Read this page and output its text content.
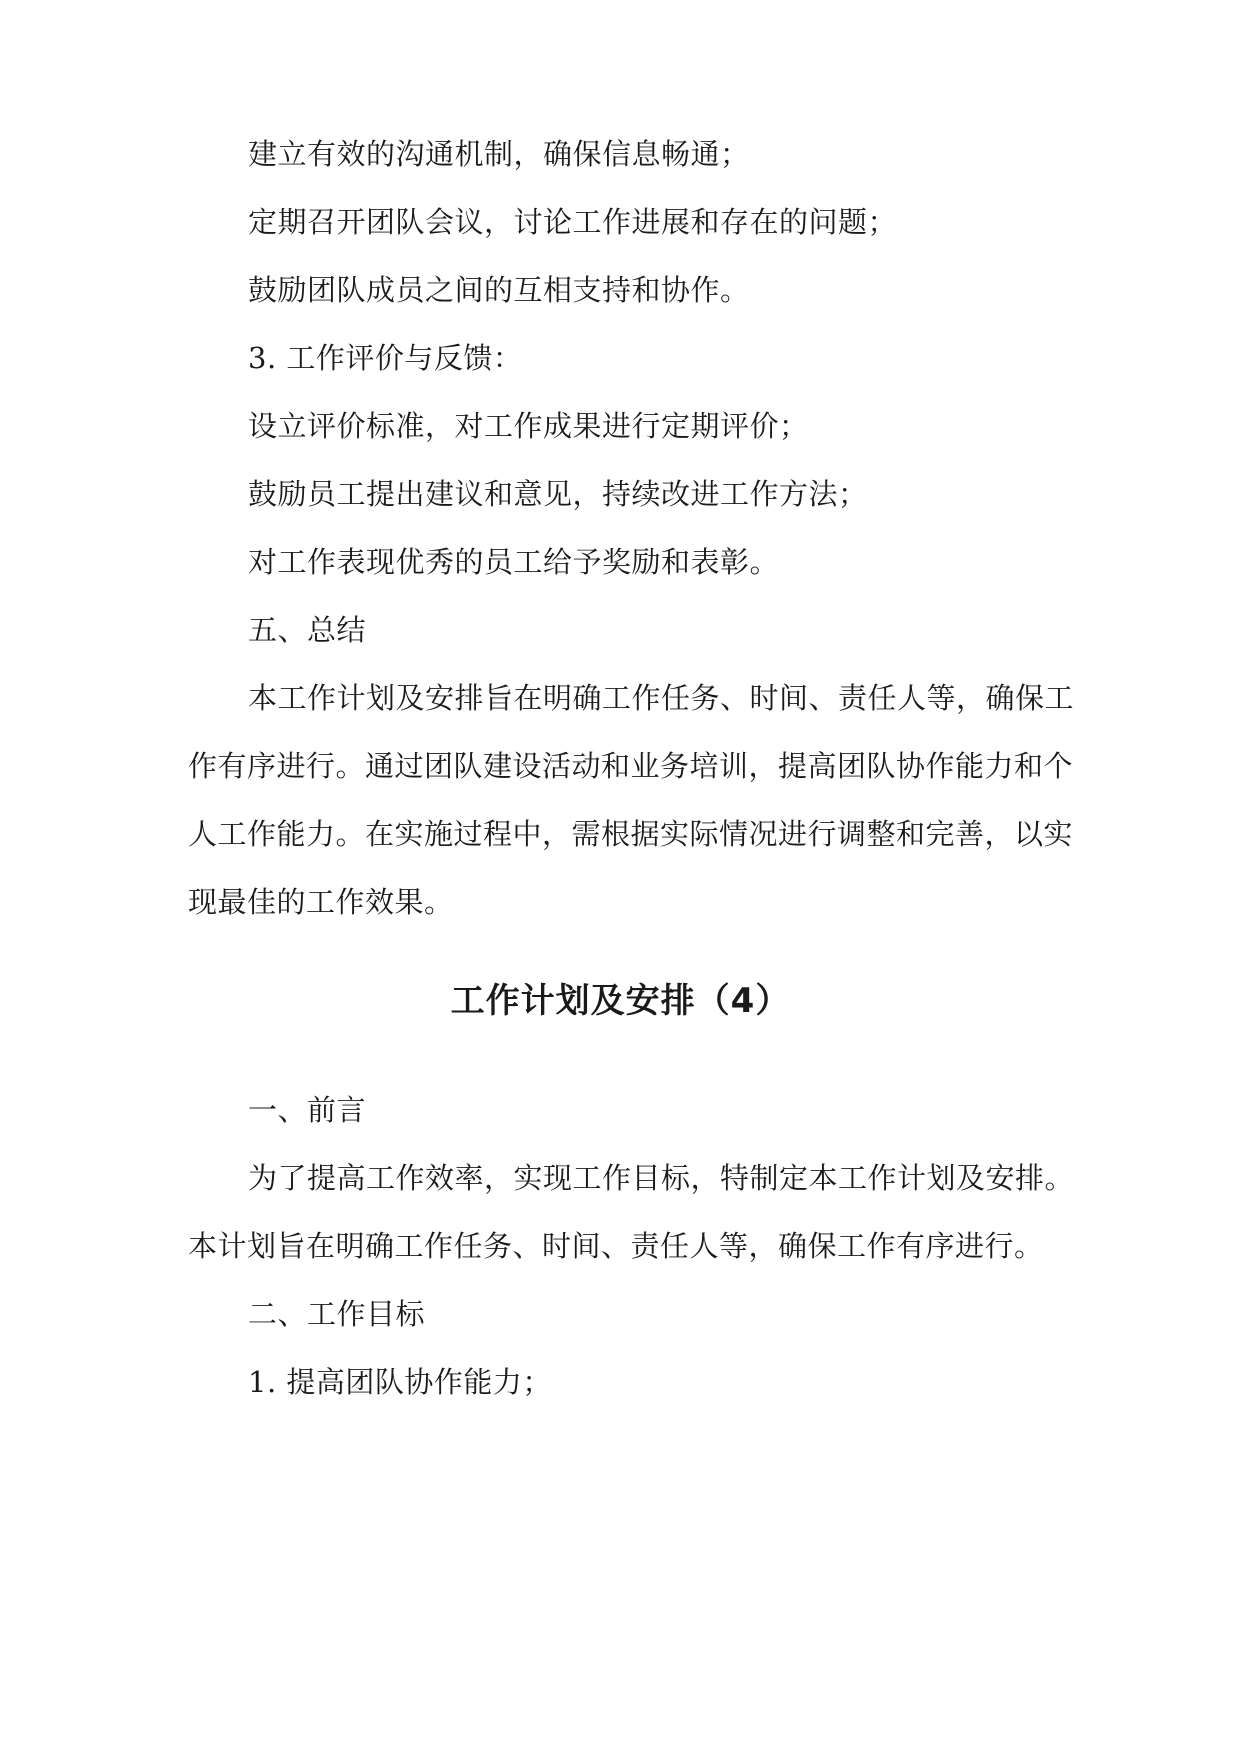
建立有效的沟通机制，确保信息畅通；
定期召开团队会议，讨论工作进展和存在的问题；
鼓励团队成员之间的互相支持和协作。
3. 工作评价与反馈：
设立评价标准，对工作成果进行定期评价；
鼓励员工提出建议和意见，持续改进工作方法；
对工作表现优秀的员工给予奖励和表彰。
五、总结
本工作计划及安排旨在明确工作任务、时间、责任人等，确保工
作有序进行。通过团队建设活动和业务培训，提高团队协作能力和个
人工作能力。在实施过程中，需根据实际情况进行调整和完善，以实
现最佳的工作效果。
工作计划及安排（4）
一、前言
为了提高工作效率，实现工作目标，特制定本工作计划及安排。
本计划旨在明确工作任务、时间、责任人等，确保工作有序进行。
二、工作目标
1. 提高团队协作能力；
